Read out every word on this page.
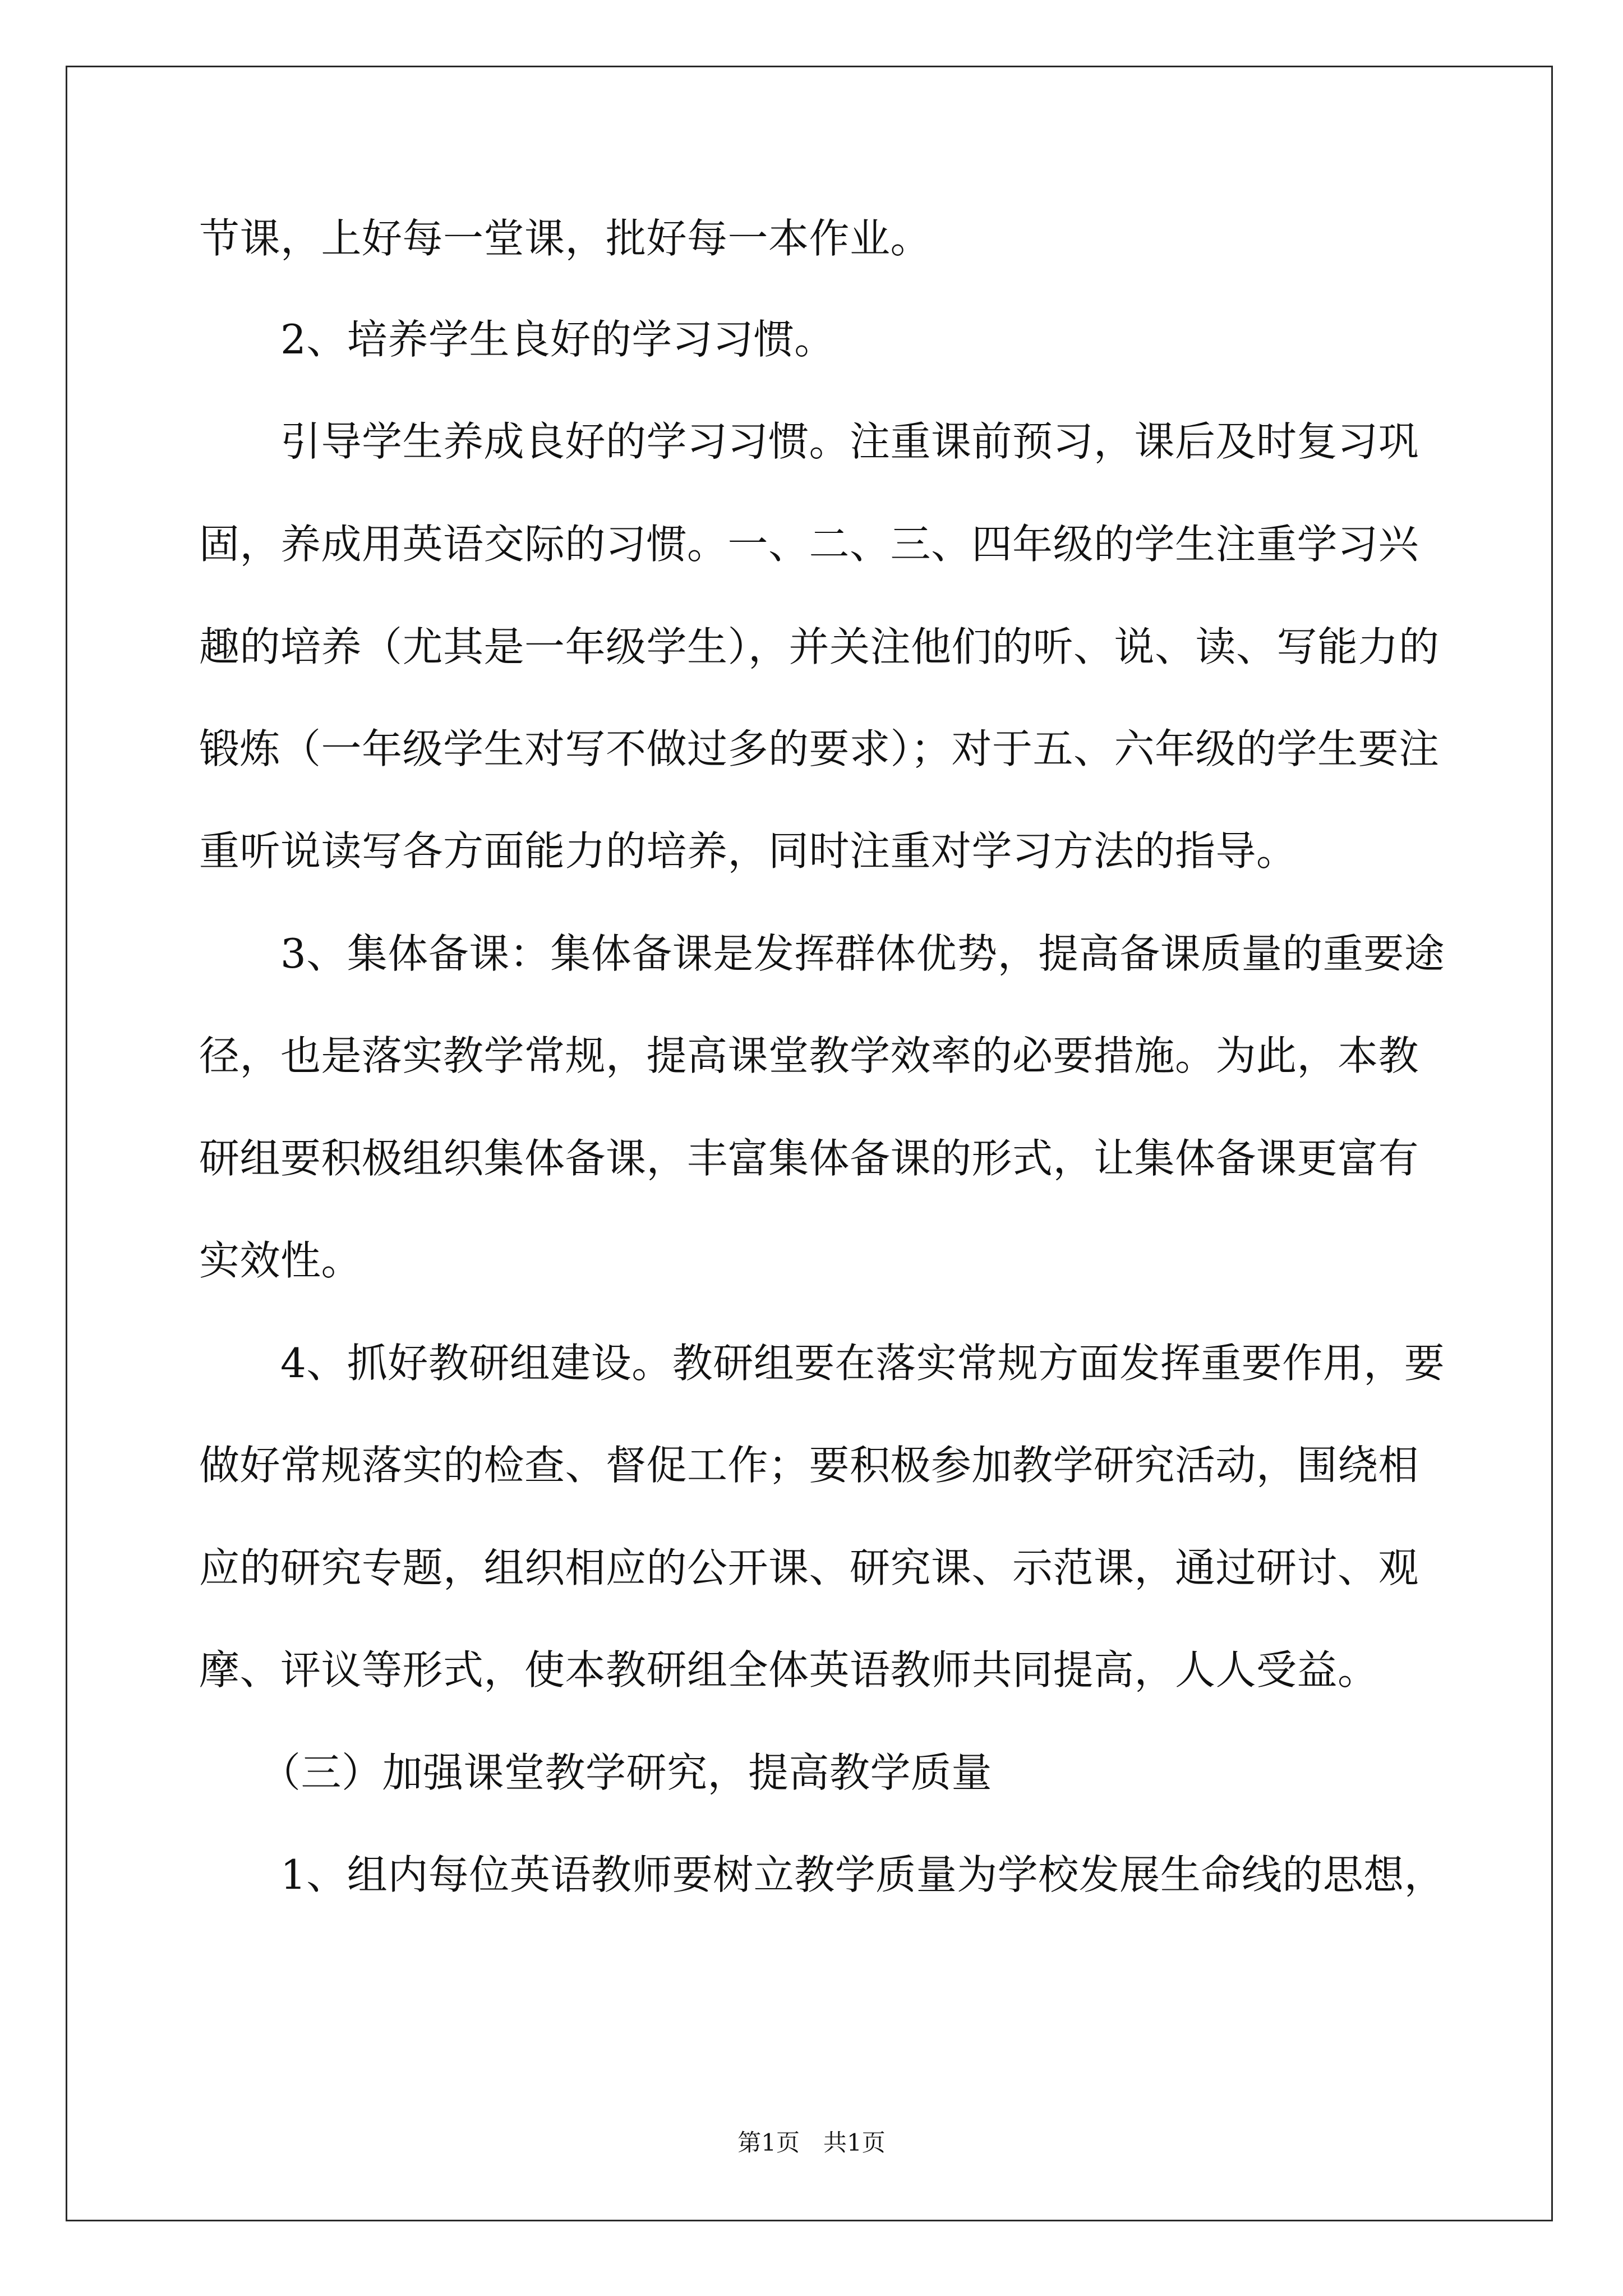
节课，上好每一堂课，批好每一本作业。
　　2、培养学生良好的学习习惯。
　　引导学生养成良好的学习习惯。注重课前预习，课后及时复习巩
固，养成用英语交际的习惯。一、二、三、四年级的学生注重学习兴
趣的培养（尤其是一年级学生），并关注他们的听、说、读、写能力的
锻炼（一年级学生对写不做过多的要求）；对于五、六年级的学生要注
重听说读写各方面能力的培养，同时注重对学习方法的指导。
　　3、集体备课：集体备课是发挥群体优势，提高备课质量的重要途
径，也是落实教学常规，提高课堂教学效率的必要措施。为此，本教
研组要积极组织集体备课，丰富集体备课的形式，让集体备课更富有
实效性。
　　4、抓好教研组建设。教研组要在落实常规方面发挥重要作用，要
做好常规落实的检查、督促工作；要积极参加教学研究活动，围绕相
应的研究专题，组织相应的公开课、研究课、示范课，通过研讨、观
摩、评议等形式，使本教研组全体英语教师共同提高，人人受益。
　　（三）加强课堂教学研究，提高教学质量
　　1、组内每位英语教师要树立教学质量为学校发展生命线的思想，
第1页　共1页
